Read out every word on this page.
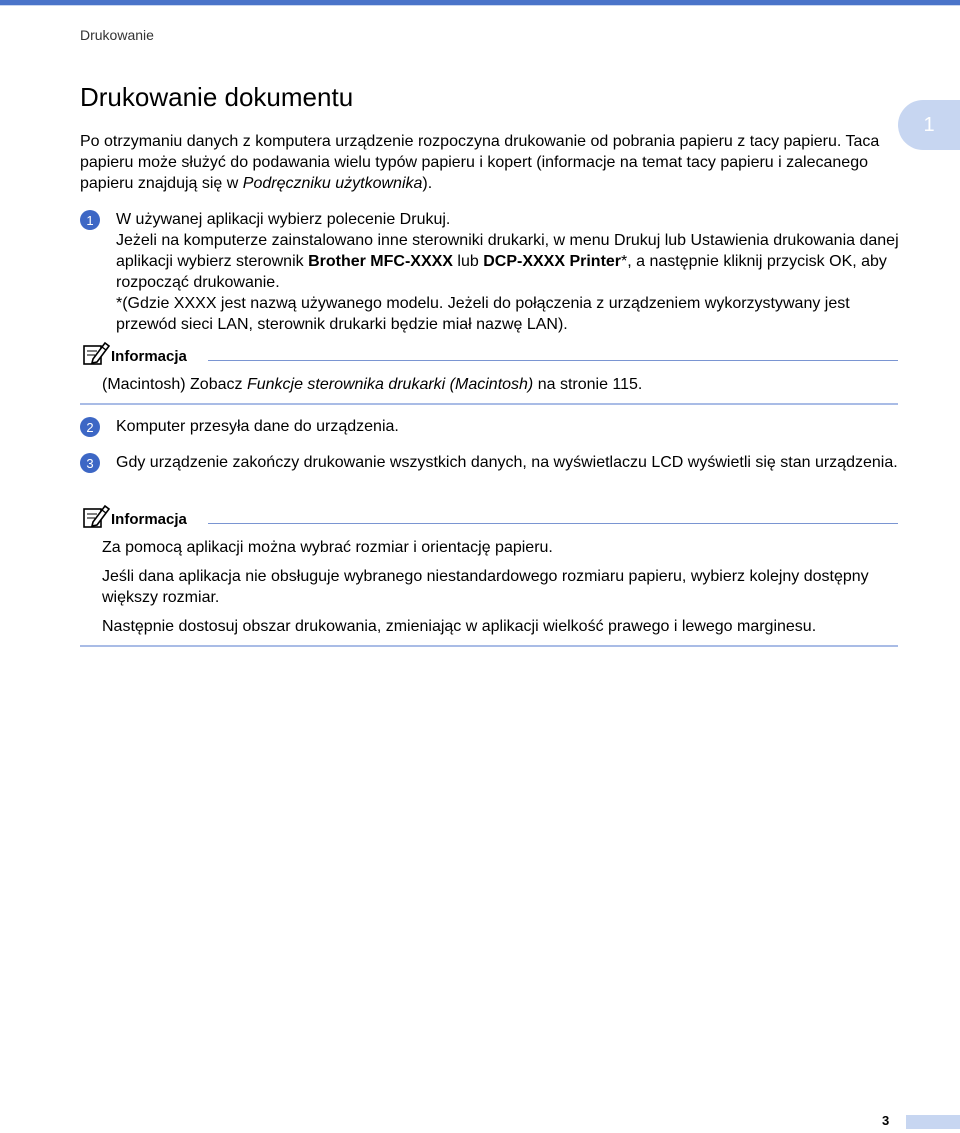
Drukowanie
1
Drukowanie dokumentu

Po otrzymaniu danych z komputera urządzenie rozpoczyna drukowanie od pobrania papieru z tacy papieru. Taca papieru może służyć do podawania wielu typów papieru i kopert (informacje na temat tacy papieru i zalecanego papieru znajdują się w Podręczniku użytkownika).

1	W używanej aplikacji wybierz polecenie Drukuj.

Jeżeli na komputerze zainstalowano inne sterowniki drukarki, w menu Drukuj lub Ustawienia drukowania danej aplikacji wybierz sterownik Brother MFC-XXXX lub DCP-XXXX Printer*, a następnie kliknij przycisk OK, aby rozpocząć drukowanie.

*(Gdzie XXXX jest nazwą używanego modelu. Jeżeli do połączenia z urządzeniem wykorzystywany jest przewód sieci LAN, sterownik drukarki będzie miał nazwę LAN).

Informacja

(Macintosh) Zobacz Funkcje sterownika drukarki (Macintosh) na stronie 115.

2	Komputer przesyła dane do urządzenia.

3	Gdy urządzenie zakończy drukowanie wszystkich danych, na wyświetlaczu LCD wyświetli się stan urządzenia.

Informacja

Za pomocą aplikacji można wybrać rozmiar i orientację papieru.

Jeśli dana aplikacja nie obsługuje wybranego niestandardowego rozmiaru papieru, wybierz kolejny dostępny większy rozmiar.

Następnie dostosuj obszar drukowania, zmieniając w aplikacji wielkość prawego i lewego marginesu.

3
